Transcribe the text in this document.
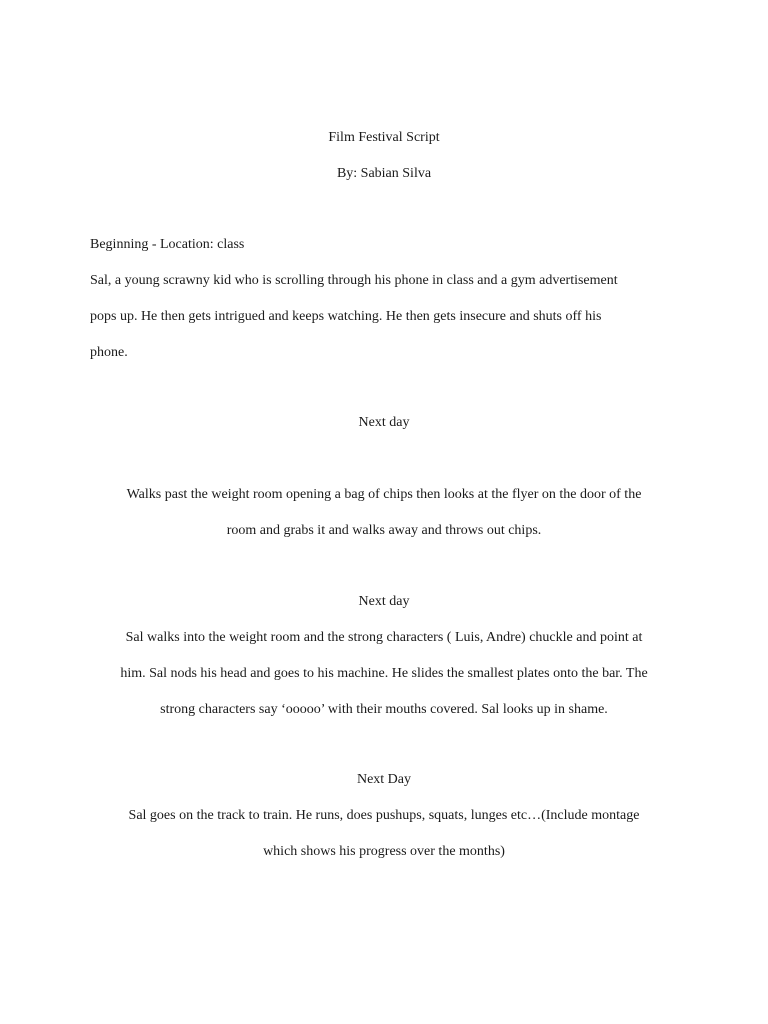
Film Festival Script
By: Sabian Silva
Beginning - Location: class
Sal, a young scrawny kid who is scrolling through his phone in class and a gym advertisement
pops up. He then gets intrigued and keeps watching. He then gets insecure and shuts off his
phone.
Next day
Walks past the weight room opening a bag of chips then looks at the flyer on the door of the
room and grabs it and walks away and throws out chips.
Next day
Sal walks into the weight room and the strong characters ( Luis, Andre) chuckle and point at
him. Sal nods his head and goes to his machine. He slides the smallest plates onto the bar. The
strong characters say ‘ooooo’ with their mouths covered. Sal looks up in shame.
Next Day
Sal goes on the track to train. He runs, does pushups, squats, lunges etc…(Include montage
which shows his progress over the months)
